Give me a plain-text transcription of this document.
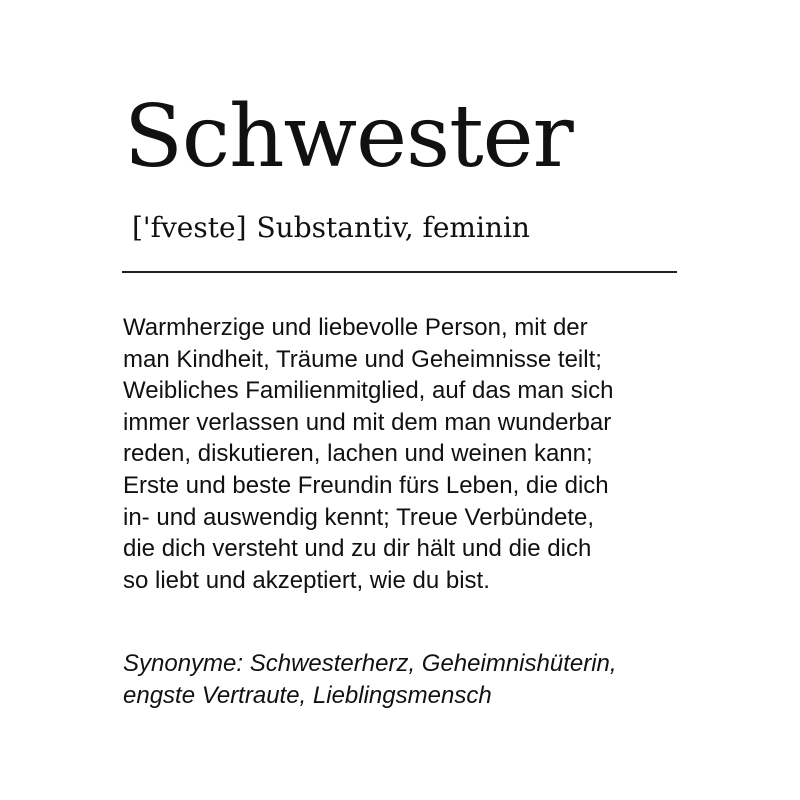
Schwester
['fveste] Substantiv, feminin
Warmherzige und liebevolle Person, mit der
man Kindheit, Träume und Geheimnisse teilt;
Weibliches Familienmitglied, auf das man sich
immer verlassen und mit dem man wunderbar
reden, diskutieren, lachen und weinen kann;
Erste und beste Freundin fürs Leben, die dich
in- und auswendig kennt; Treue Verbündete,
die dich versteht und zu dir hält und die dich
so liebt und akzeptiert, wie du bist.
Synonyme: Schwesterherz, Geheimnishüterin,
engste Vertraute, Lieblingsmensch
